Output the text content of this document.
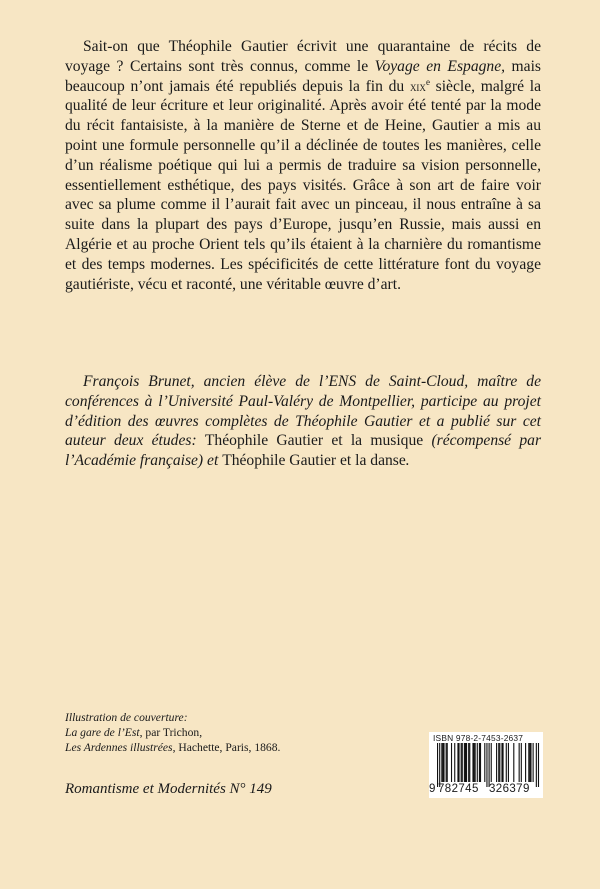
Sait-on que Théophile Gautier écrivit une quarantaine de récits de voyage ? Certains sont très connus, comme le Voyage en Espagne, mais beaucoup n’ont jamais été republiés depuis la fin du xix$^e$ siècle, malgré la qualité de leur écriture et leur originalité. Après avoir été tenté par la mode du récit fantaisiste, à la manière de Sterne et de Heine, Gautier a mis au point une formule personnelle qu’il a déclinée de toutes les manières, celle d’un réalisme poétique qui lui a permis de traduire sa vision personnelle, essentiellement esthétique, des pays visités. Grâce à son art de faire voir avec sa plume comme il l’aurait fait avec un pinceau, il nous entraîne à sa suite dans la plupart des pays d’Europe, jusqu’en Russie, mais aussi en Algérie et au proche Orient tels qu’ils étaient à la charnière du romantisme et des temps modernes. Les spécificités de cette littérature font du voyage gautiériste, vécu et raconté, une véritable œuvre d’art.

François Brunet, ancien élève de l’ENS de Saint-Cloud, maître de conférences à l’Université Paul-Valéry de Montpellier, participe au projet d’édition des œuvres complètes de Théophile Gautier et a publié sur cet auteur deux études: Théophile Gautier et la musique (récompensé par l’Académie française) et Théophile Gautier et la danse.

Illustration de couverture:
La gare de l’Est, par Trichon,
Les Ardennes illustrées, Hachette, Paris, 1868.

Romantisme et Modernités N° 149

ISBN 978-2-7453-2637
9 782745 326379
